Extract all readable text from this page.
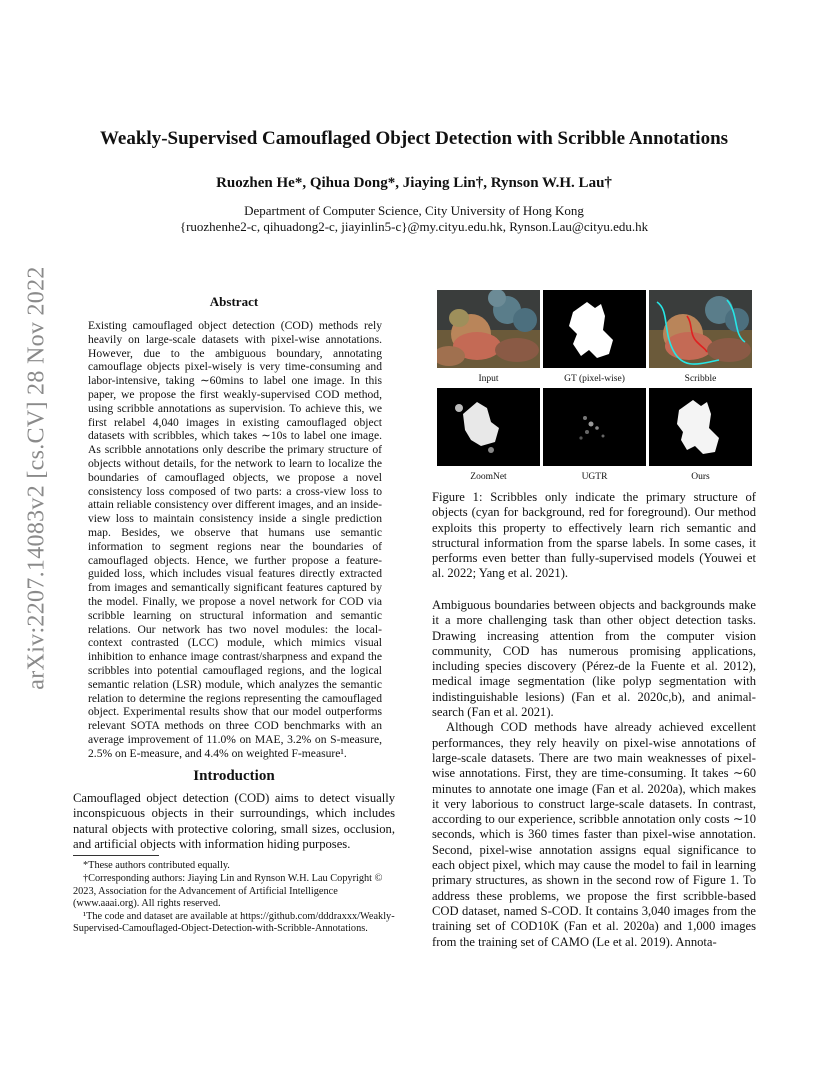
arXiv:2207.14083v2 [cs.CV] 28 Nov 2022
Weakly-Supervised Camouflaged Object Detection with Scribble Annotations
Ruozhen He*, Qihua Dong*, Jiaying Lin†, Rynson W.H. Lau†
Department of Computer Science, City University of Hong Kong
{ruozhenhe2-c, qihuadong2-c, jiayinlin5-c}@my.cityu.edu.hk, Rynson.Lau@cityu.edu.hk
Abstract
Existing camouflaged object detection (COD) methods rely heavily on large-scale datasets with pixel-wise annotations. However, due to the ambiguous boundary, annotating camouflage objects pixel-wisely is very time-consuming and labor-intensive, taking ∼60mins to label one image. In this paper, we propose the first weakly-supervised COD method, using scribble annotations as supervision. To achieve this, we first relabel 4,040 images in existing camouflaged object datasets with scribbles, which takes ∼10s to label one image. As scribble annotations only describe the primary structure of objects without details, for the network to learn to localize the boundaries of camouflaged objects, we propose a novel consistency loss composed of two parts: a cross-view loss to attain reliable consistency over different images, and an inside-view loss to maintain consistency inside a single prediction map. Besides, we observe that humans use semantic information to segment regions near the boundaries of camouflaged objects. Hence, we further propose a feature-guided loss, which includes visual features directly extracted from images and semantically significant features captured by the model. Finally, we propose a novel network for COD via scribble learning on structural information and semantic relations. Our network has two novel modules: the local-context contrasted (LCC) module, which mimics visual inhibition to enhance image contrast/sharpness and expand the scribbles into potential camouflaged regions, and the logical semantic relation (LSR) module, which analyzes the semantic relation to determine the regions representing the camouflaged object. Experimental results show that our model outperforms relevant SOTA methods on three COD benchmarks with an average improvement of 11.0% on MAE, 3.2% on S-measure, 2.5% on E-measure, and 4.4% on weighted F-measure¹.
Introduction
Camouflaged object detection (COD) aims to detect visually inconspicuous objects in their surroundings, which includes natural objects with protective coloring, small sizes, occlusion, and artificial objects with information hiding purposes.
*These authors contributed equally.
†Corresponding authors: Jiaying Lin and Rynson W.H. Lau Copyright © 2023, Association for the Advancement of Artificial Intelligence (www.aaai.org). All rights reserved.
¹The code and dataset are available at https://github.com/dddraxxx/Weakly-Supervised-Camouflaged-Object-Detection-with-Scribble-Annotations.
Input	GT (pixel-wise)	Scribble
ZoomNet	UGTR	Ours
Figure 1: Scribbles only indicate the primary structure of objects (cyan for background, red for foreground). Our method exploits this property to effectively learn rich semantic and structural information from the sparse labels. In some cases, it performs even better than fully-supervised models (Youwei et al. 2022; Yang et al. 2021).

Ambiguous boundaries between objects and backgrounds make it a more challenging task than other object detection tasks. Drawing increasing attention from the computer vision community, COD has numerous promising applications, including species discovery (Pérez-de la Fuente et al. 2012), medical image segmentation (like polyp segmentation with indistinguishable lesions) (Fan et al. 2020c,b), and animal-search (Fan et al. 2021).

Although COD methods have already achieved excellent performances, they rely heavily on pixel-wise annotations of large-scale datasets. There are two main weaknesses of pixel-wise annotations. First, they are time-consuming. It takes ∼60 minutes to annotate one image (Fan et al. 2020a), which makes it very laborious to construct large-scale datasets. In contrast, according to our experience, scribble annotation only costs ∼10 seconds, which is 360 times faster than pixel-wise annotation. Second, pixel-wise annotation assigns equal significance to each object pixel, which may cause the model to fail in learning primary structures, as shown in the second row of Figure 1. To address these problems, we propose the first scribble-based COD dataset, named S-COD. It contains 3,040 images from the training set of COD10K (Fan et al. 2020a) and 1,000 images from the training set of CAMO (Le et al. 2019). Annota-
